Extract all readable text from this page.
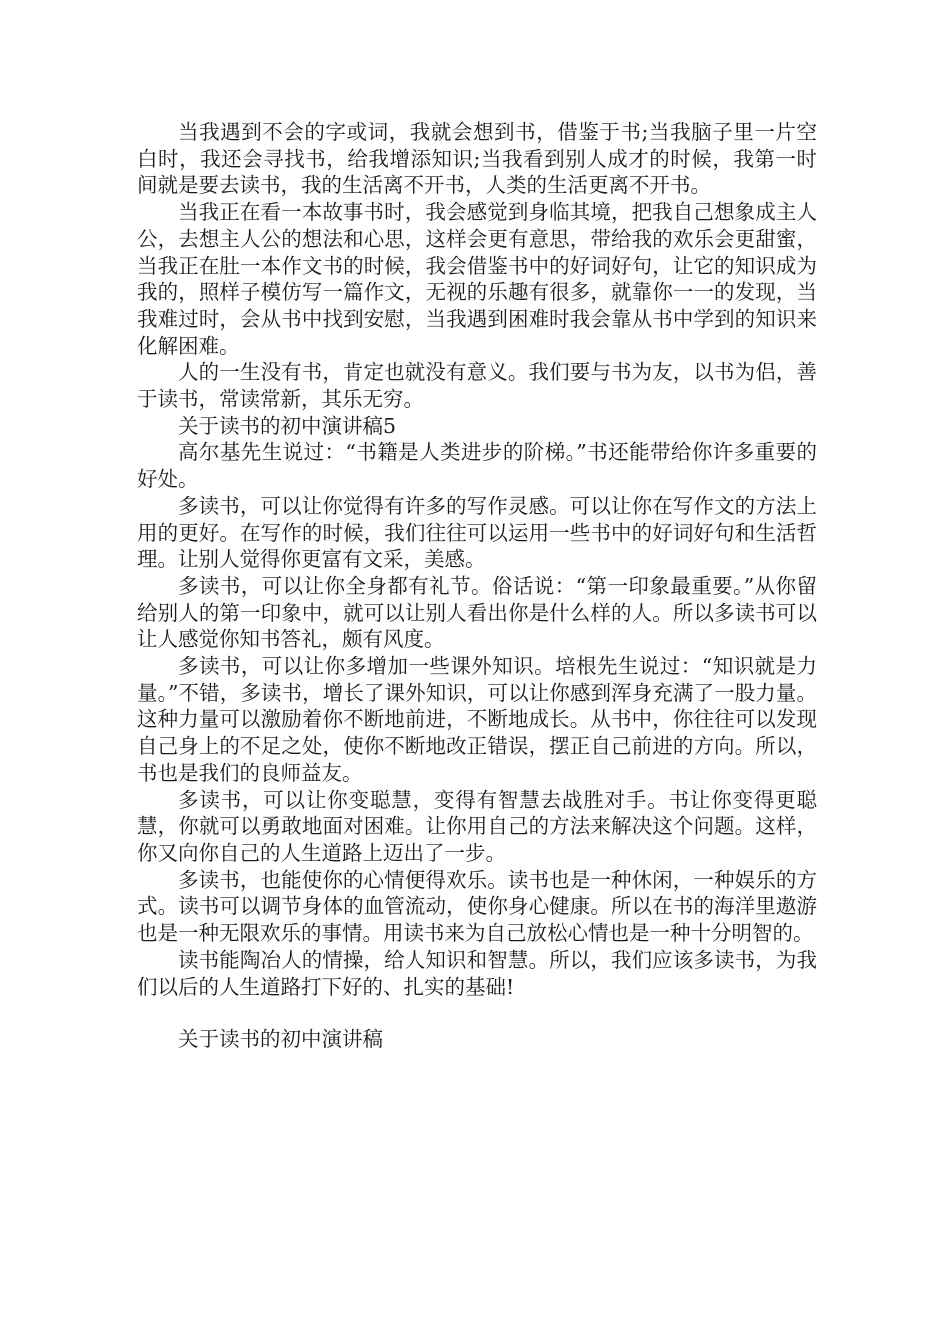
当我遇到不会的字或词，我就会想到书，借鉴于书;当我脑子里一片空白时，我还会寻找书，给我增添知识;当我看到别人成才的时候，我第一时间就是要去读书，我的生活离不开书，人类的生活更离不开书。

当我正在看一本故事书时，我会感觉到身临其境，把我自己想象成主人公，去想主人公的想法和心思，这样会更有意思，带给我的欢乐会更甜蜜，当我正在肚一本作文书的时候，我会借鉴书中的好词好句，让它的知识成为我的，照样子模仿写一篇作文，无视的乐趣有很多，就靠你一一的发现，当我难过时，会从书中找到安慰，当我遇到困难时我会靠从书中学到的知识来化解困难。

人的一生没有书，肯定也就没有意义。我们要与书为友，以书为侣，善于读书，常读常新，其乐无穷。

关于读书的初中演讲稿5

高尔基先生说过：“书籍是人类进步的阶梯。”书还能带给你许多重要的好处。

多读书，可以让你觉得有许多的写作灵感。可以让你在写作文的方法上用的更好。在写作的时候，我们往往可以运用一些书中的好词好句和生活哲理。让别人觉得你更富有文采，美感。

多读书，可以让你全身都有礼节。俗话说：“第一印象最重要。”从你留给别人的第一印象中，就可以让别人看出你是什么样的人。所以多读书可以让人感觉你知书答礼，颇有风度。

多读书，可以让你多增加一些课外知识。培根先生说过：“知识就是力量。”不错，多读书，增长了课外知识，可以让你感到浑身充满了一股力量。这种力量可以激励着你不断地前进，不断地成长。从书中，你往往可以发现自己身上的不足之处，使你不断地改正错误，摆正自己前进的方向。所以，书也是我们的良师益友。

多读书，可以让你变聪慧，变得有智慧去战胜对手。书让你变得更聪慧，你就可以勇敢地面对困难。让你用自己的方法来解决这个问题。这样，你又向你自己的人生道路上迈出了一步。

多读书，也能使你的心情便得欢乐。读书也是一种休闲，一种娱乐的方式。读书可以调节身体的血管流动，使你身心健康。所以在书的海洋里遨游也是一种无限欢乐的事情。用读书来为自己放松心情也是一种十分明智的。

读书能陶冶人的情操，给人知识和智慧。所以，我们应该多读书，为我们以后的人生道路打下好的、扎实的基础!

关于读书的初中演讲稿
